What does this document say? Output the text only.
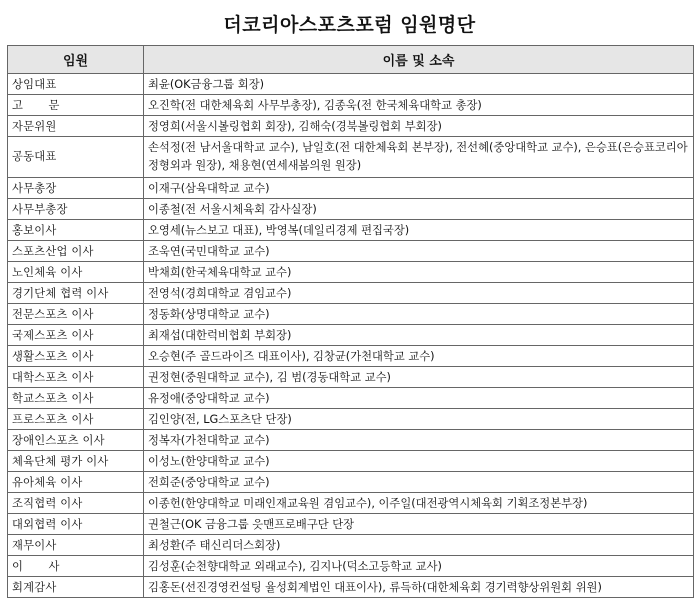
더코리아스포츠포럼 임원명단
임원	이름 및 소속
상임대표	최윤(OK금융그룹 회장)
고 문	오진학(전 대한체육회 사무부총장), 김종욱(전 한국체육대학교 총장)
자문위원	정영희(서울시볼링협회 회장), 김해숙(경북볼링협회 부회장)
공동대표	손석정(전 남서울대학교 교수), 남일호(전 대한체육회 본부장), 전선혜(중앙대학교 교수), 은승표(은승표코리아정형외과 원장), 채용현(연세새봄의원 원장)
사무총장	이재구(삼육대학교 교수)
사무부총장	이종철(전 서울시체육회 감사실장)
홍보이사	오영세(뉴스보고 대표), 박영복(데일리경제 편집국장)
스포츠산업 이사	조욱연(국민대학교 교수)
노인체육 이사	박채희(한국체육대학교 교수)
경기단체 협력 이사	전영석(경희대학교 겸임교수)
전문스포츠 이사	정동화(상명대학교 교수)
국제스포츠 이사	최재섭(대한럭비협회 부회장)
생활스포츠 이사	오승현(주 골드라이즈 대표이사), 김창균(가천대학교 교수)
대학스포츠 이사	권정현(중원대학교 교수), 김 범(경동대학교 교수)
학교스포츠 이사	유정애(중앙대학교 교수)
프로스포츠 이사	김인양(전, LG스포츠단 단장)
장애인스포츠 이사	정복자(가천대학교 교수)
체육단체 평가 이사	이성노(한양대학교 교수)
유아체육 이사	전희준(중앙대학교 교수)
조직협력 이사	이종헌(한양대학교 미래인재교육원 겸임교수), 이주일(대전광역시체육회 기획조정본부장)
대외협력 이사	권철근(OK 금융그룹 읏맨프로배구단 단장
재무이사	최성환(주 태신리더스회장)
이 사	김성훈(순천향대학교 외래교수), 김지나(덕소고등학교 교사)
회계감사	김홍돈(선진경영컨설팅 율성회계법인 대표이사), 류득하(대한체육회 경기력향상위원회 위원)
